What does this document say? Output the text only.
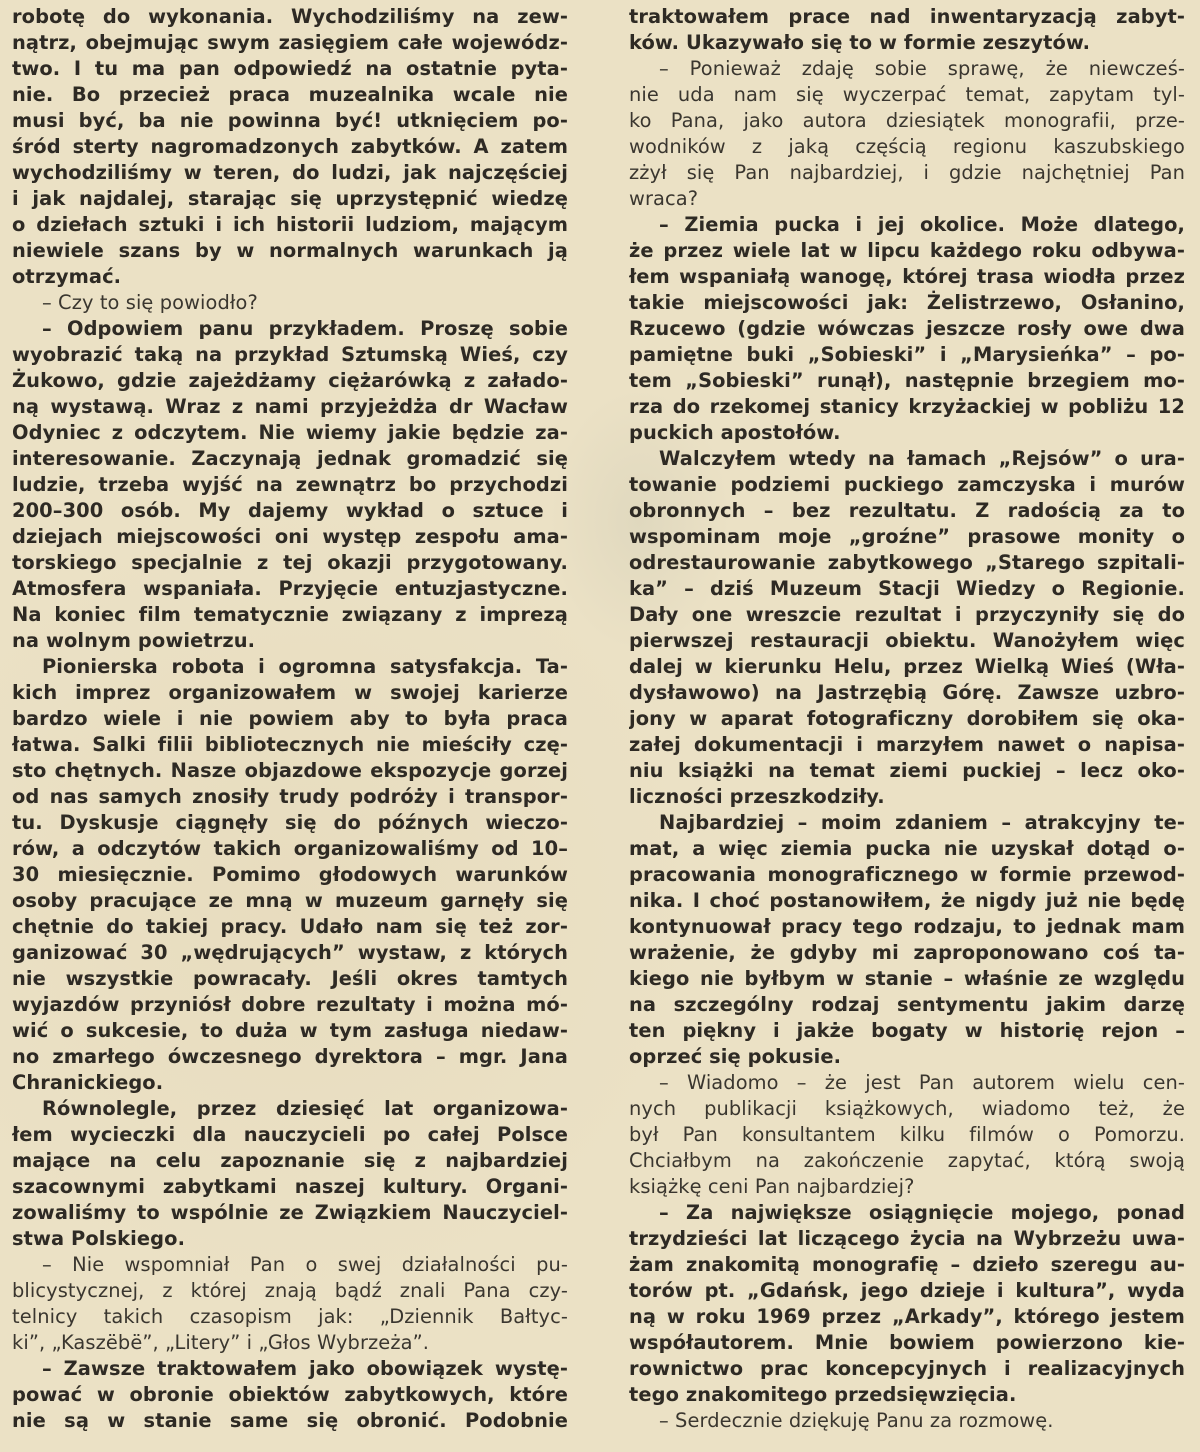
robotę do wykonania. Wychodziliśmy na zew-
nątrz, obejmując swym zasięgiem całe wojewódz-
two. I tu ma pan odpowiedź na ostatnie pyta-
nie. Bo przecież praca muzealnika wcale nie
musi być, ba nie powinna być! utknięciem po-
śród sterty nagromadzonych zabytków. A zatem
wychodziliśmy w teren, do ludzi, jak najczęściej
i jak najdalej, starając się uprzystępnić wiedzę
o dziełach sztuki i ich historii ludziom, mającym
niewiele szans by w normalnych warunkach ją
otrzymać.
– Czy to się powiodło?
– Odpowiem panu przykładem. Proszę sobie
wyobrazić taką na przykład Sztumską Wieś, czy
Żukowo, gdzie zajeżdżamy ciężarówką z załado-
ną wystawą. Wraz z nami przyjeżdża dr Wacław
Odyniec z odczytem. Nie wiemy jakie będzie za-
interesowanie. Zaczynają jednak gromadzić się
ludzie, trzeba wyjść na zewnątrz bo przychodzi
200–300 osób. My dajemy wykład o sztuce i
dziejach miejscowości oni występ zespołu ama-
torskiego specjalnie z tej okazji przygotowany.
Atmosfera wspaniała. Przyjęcie entuzjastyczne.
Na koniec film tematycznie związany z imprezą
na wolnym powietrzu.
Pionierska robota i ogromna satysfakcja. Ta-
kich imprez organizowałem w swojej karierze
bardzo wiele i nie powiem aby to była praca
łatwa. Salki filii bibliotecznych nie mieściły czę-
sto chętnych. Nasze objazdowe ekspozycje gorzej
od nas samych znosiły trudy podróży i transpor-
tu. Dyskusje ciągnęły się do późnych wieczo-
rów, a odczytów takich organizowaliśmy od 10–
30 miesięcznie. Pomimo głodowych warunków
osoby pracujące ze mną w muzeum garnęły się
chętnie do takiej pracy. Udało nam się też zor-
ganizować 30 „wędrujących” wystaw, z których
nie wszystkie powracały. Jeśli okres tamtych
wyjazdów przyniósł dobre rezultaty i można mó-
wić o sukcesie, to duża w tym zasługa niedaw-
no zmarłego ówczesnego dyrektora – mgr. Jana
Chranickiego.
Równolegle, przez dziesięć lat organizowa-
łem wycieczki dla nauczycieli po całej Polsce
mające na celu zapoznanie się z najbardziej
szacownymi zabytkami naszej kultury. Organi-
zowaliśmy to wspólnie ze Związkiem Nauczyciel-
stwa Polskiego.
– Nie wspomniał Pan o swej działalności pu-
blicystycznej, z której znają bądź znali Pana czy-
telnicy takich czasopism jak: „Dziennik Bałtyc-
ki”, „Kaszëbë”, „Litery” i „Głos Wybrzeża”.
– Zawsze traktowałem jako obowiązek wystę-
pować w obronie obiektów zabytkowych, które
nie są w stanie same się obronić. Podobnie
traktowałem prace nad inwentaryzacją zabyt-
ków. Ukazywało się to w formie zeszytów.
– Ponieważ zdaję sobie sprawę, że niewcześ-
nie uda nam się wyczerpać temat, zapytam tyl-
ko Pana, jako autora dziesiątek monografii, prze-
wodników z jaką częścią regionu kaszubskiego
zżył się Pan najbardziej, i gdzie najchętniej Pan
wraca?
– Ziemia pucka i jej okolice. Może dlatego,
że przez wiele lat w lipcu każdego roku odbywa-
łem wspaniałą wanogę, której trasa wiodła przez
takie miejscowości jak: Żelistrzewo, Osłanino,
Rzucewo (gdzie wówczas jeszcze rosły owe dwa
pamiętne buki „Sobieski” i „Marysieńka” – po-
tem „Sobieski” runął), następnie brzegiem mo-
rza do rzekomej stanicy krzyżackiej w pobliżu 12
puckich apostołów.
Walczyłem wtedy na łamach „Rejsów” o ura-
towanie podziemi puckiego zamczyska i murów
obronnych – bez rezultatu. Z radością za to
wspominam moje „groźne” prasowe monity o
odrestaurowanie zabytkowego „Starego szpitali-
ka” – dziś Muzeum Stacji Wiedzy o Regionie.
Dały one wreszcie rezultat i przyczyniły się do
pierwszej restauracji obiektu. Wanożyłem więc
dalej w kierunku Helu, przez Wielką Wieś (Wła-
dysławowo) na Jastrzębią Górę. Zawsze uzbro-
jony w aparat fotograficzny dorobiłem się oka-
załej dokumentacji i marzyłem nawet o napisa-
niu książki na temat ziemi puckiej – lecz oko-
liczności przeszkodziły.
Najbardziej – moim zdaniem – atrakcyjny te-
mat, a więc ziemia pucka nie uzyskał dotąd o-
pracowania monograficznego w formie przewod-
nika. I choć postanowiłem, że nigdy już nie będę
kontynuował pracy tego rodzaju, to jednak mam
wrażenie, że gdyby mi zaproponowano coś ta-
kiego nie byłbym w stanie – właśnie ze względu
na szczególny rodzaj sentymentu jakim darzę
ten piękny i jakże bogaty w historię rejon –
oprzeć się pokusie.
– Wiadomo – że jest Pan autorem wielu cen-
nych publikacji książkowych, wiadomo też, że
był Pan konsultantem kilku filmów o Pomorzu.
Chciałbym na zakończenie zapytać, którą swoją
książkę ceni Pan najbardziej?
– Za największe osiągnięcie mojego, ponad
trzydzieści lat liczącego życia na Wybrzeżu uwa-
żam znakomitą monografię – dzieło szeregu au-
torów pt. „Gdańsk, jego dzieje i kultura”, wyda
ną w roku 1969 przez „Arkady”, którego jestem
współautorem. Mnie bowiem powierzono kie-
rownictwo prac koncepcyjnych i realizacyjnych
tego znakomitego przedsięwzięcia.
– Serdecznie dziękuję Panu za rozmowę.
